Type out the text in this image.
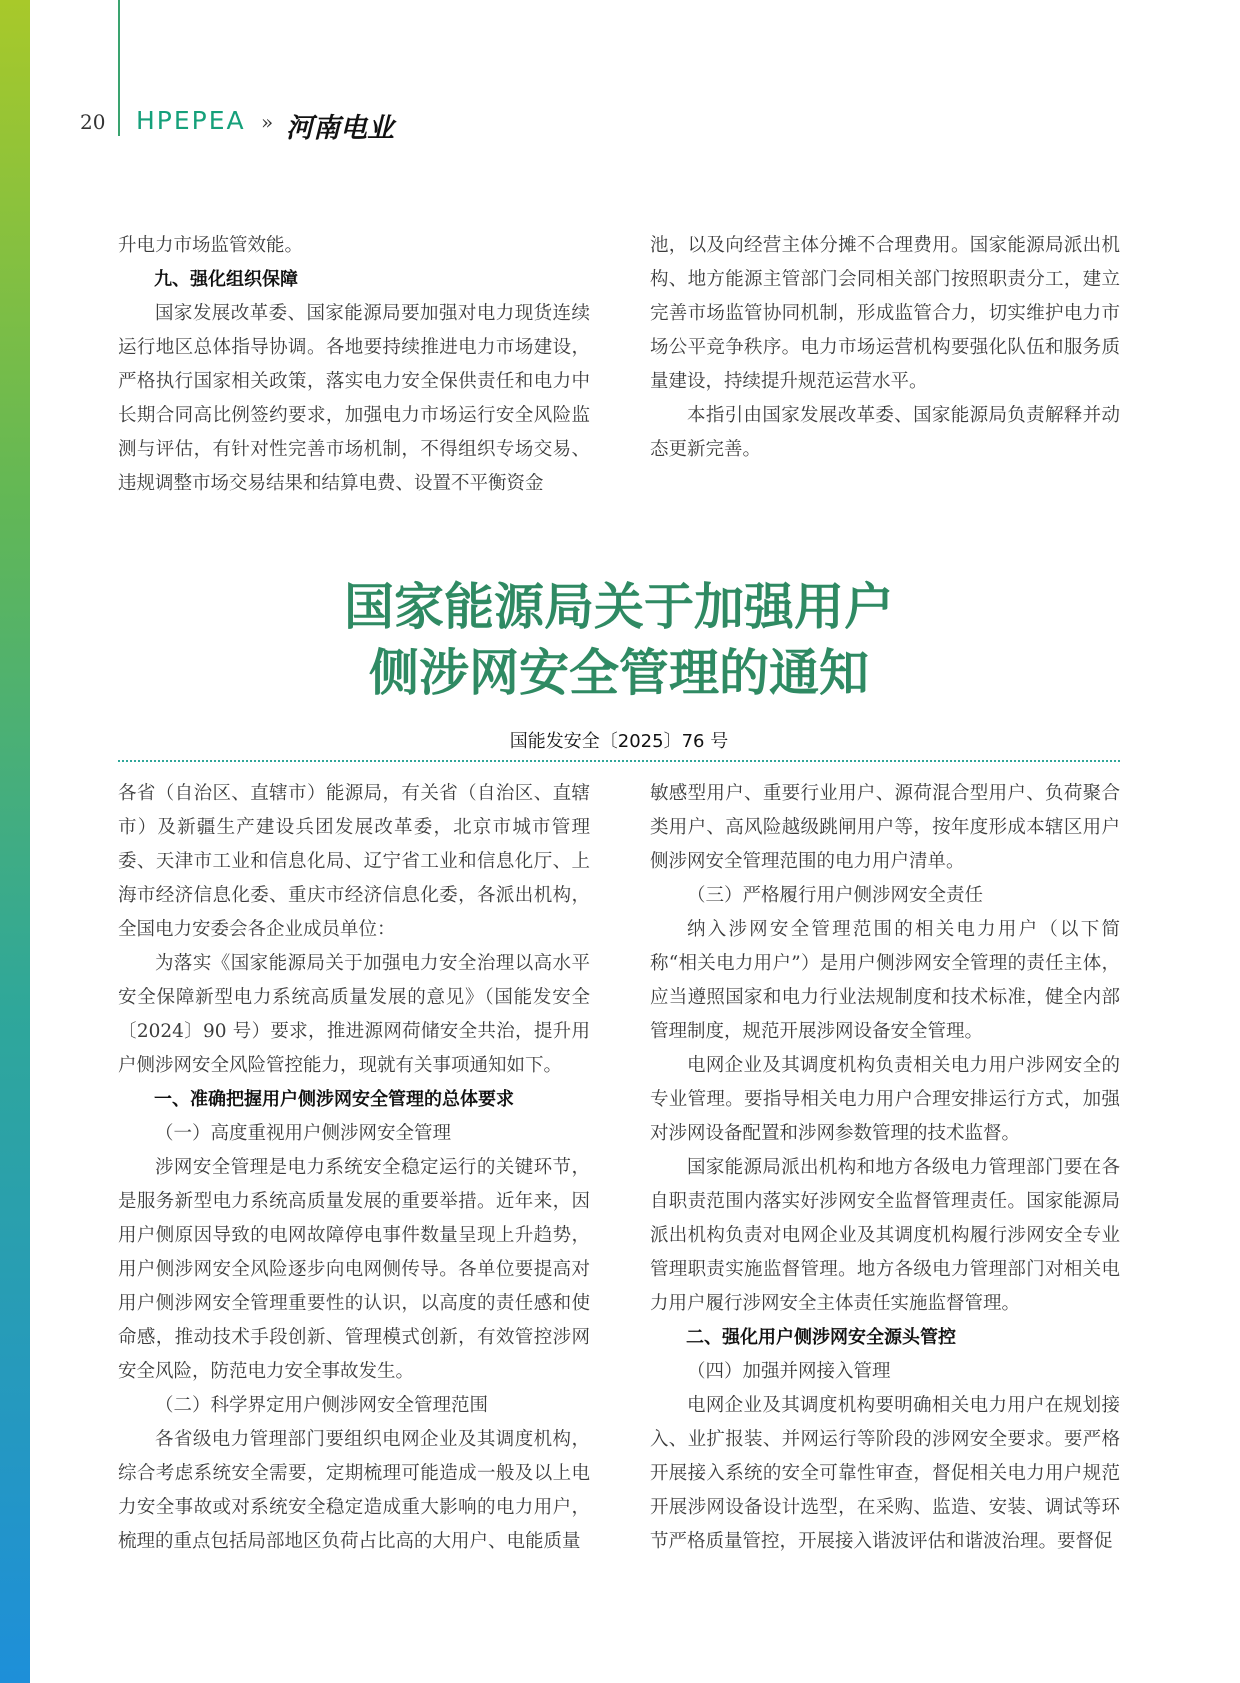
20 HPEPEA » 河南电业

升电力市场监管效能。

九、强化组织保障

国家发展改革委、国家能源局要加强对电力现货连续运行地区总体指导协调。各地要持续推进电力市场建设，严格执行国家相关政策，落实电力安全保供责任和电力中长期合同高比例签约要求，加强电力市场运行安全风险监测与评估，有针对性完善市场机制，不得组织专场交易、违规调整市场交易结果和结算电费、设置不平衡资金

池，以及向经营主体分摊不合理费用。国家能源局派出机构、地方能源主管部门会同相关部门按照职责分工，建立完善市场监管协同机制，形成监管合力，切实维护电力市场公平竞争秩序。电力市场运营机构要强化队伍和服务质量建设，持续提升规范运营水平。

本指引由国家发展改革委、国家能源局负责解释并动态更新完善。

国家能源局关于加强用户
侧涉网安全管理的通知
国能发安全〔2025〕76 号

各省（自治区、直辖市）能源局，有关省（自治区、直辖市）及新疆生产建设兵团发展改革委，北京市城市管理委、天津市工业和信息化局、辽宁省工业和信息化厅、上海市经济信息化委、重庆市经济信息化委，各派出机构，全国电力安委会各企业成员单位：

为落实《国家能源局关于加强电力安全治理以高水平安全保障新型电力系统高质量发展的意见》（国能发安全〔2024〕90 号）要求，推进源网荷储安全共治，提升用户侧涉网安全风险管控能力，现就有关事项通知如下。

一、准确把握用户侧涉网安全管理的总体要求

（一）高度重视用户侧涉网安全管理

涉网安全管理是电力系统安全稳定运行的关键环节，是服务新型电力系统高质量发展的重要举措。近年来，因用户侧原因导致的电网故障停电事件数量呈现上升趋势，用户侧涉网安全风险逐步向电网侧传导。各单位要提高对用户侧涉网安全管理重要性的认识，以高度的责任感和使命感，推动技术手段创新、管理模式创新，有效管控涉网安全风险，防范电力安全事故发生。

（二）科学界定用户侧涉网安全管理范围

各省级电力管理部门要组织电网企业及其调度机构，综合考虑系统安全需要，定期梳理可能造成一般及以上电力安全事故或对系统安全稳定造成重大影响的电力用户，梳理的重点包括局部地区负荷占比高的大用户、电能质量

敏感型用户、重要行业用户、源荷混合型用户、负荷聚合类用户、高风险越级跳闸用户等，按年度形成本辖区用户侧涉网安全管理范围的电力用户清单。

（三）严格履行用户侧涉网安全责任

纳入涉网安全管理范围的相关电力用户（以下简称“相关电力用户”）是用户侧涉网安全管理的责任主体，应当遵照国家和电力行业法规制度和技术标准，健全内部管理制度，规范开展涉网设备安全管理。

电网企业及其调度机构负责相关电力用户涉网安全的专业管理。要指导相关电力用户合理安排运行方式，加强对涉网设备配置和涉网参数管理的技术监督。

国家能源局派出机构和地方各级电力管理部门要在各自职责范围内落实好涉网安全监督管理责任。国家能源局派出机构负责对电网企业及其调度机构履行涉网安全专业管理职责实施监督管理。地方各级电力管理部门对相关电力用户履行涉网安全主体责任实施监督管理。

二、强化用户侧涉网安全源头管控

（四）加强并网接入管理

电网企业及其调度机构要明确相关电力用户在规划接入、业扩报装、并网运行等阶段的涉网安全要求。要严格开展接入系统的安全可靠性审查，督促相关电力用户规范开展涉网设备设计选型，在采购、监造、安装、调试等环节严格质量管控，开展接入谐波评估和谐波治理。要督促
